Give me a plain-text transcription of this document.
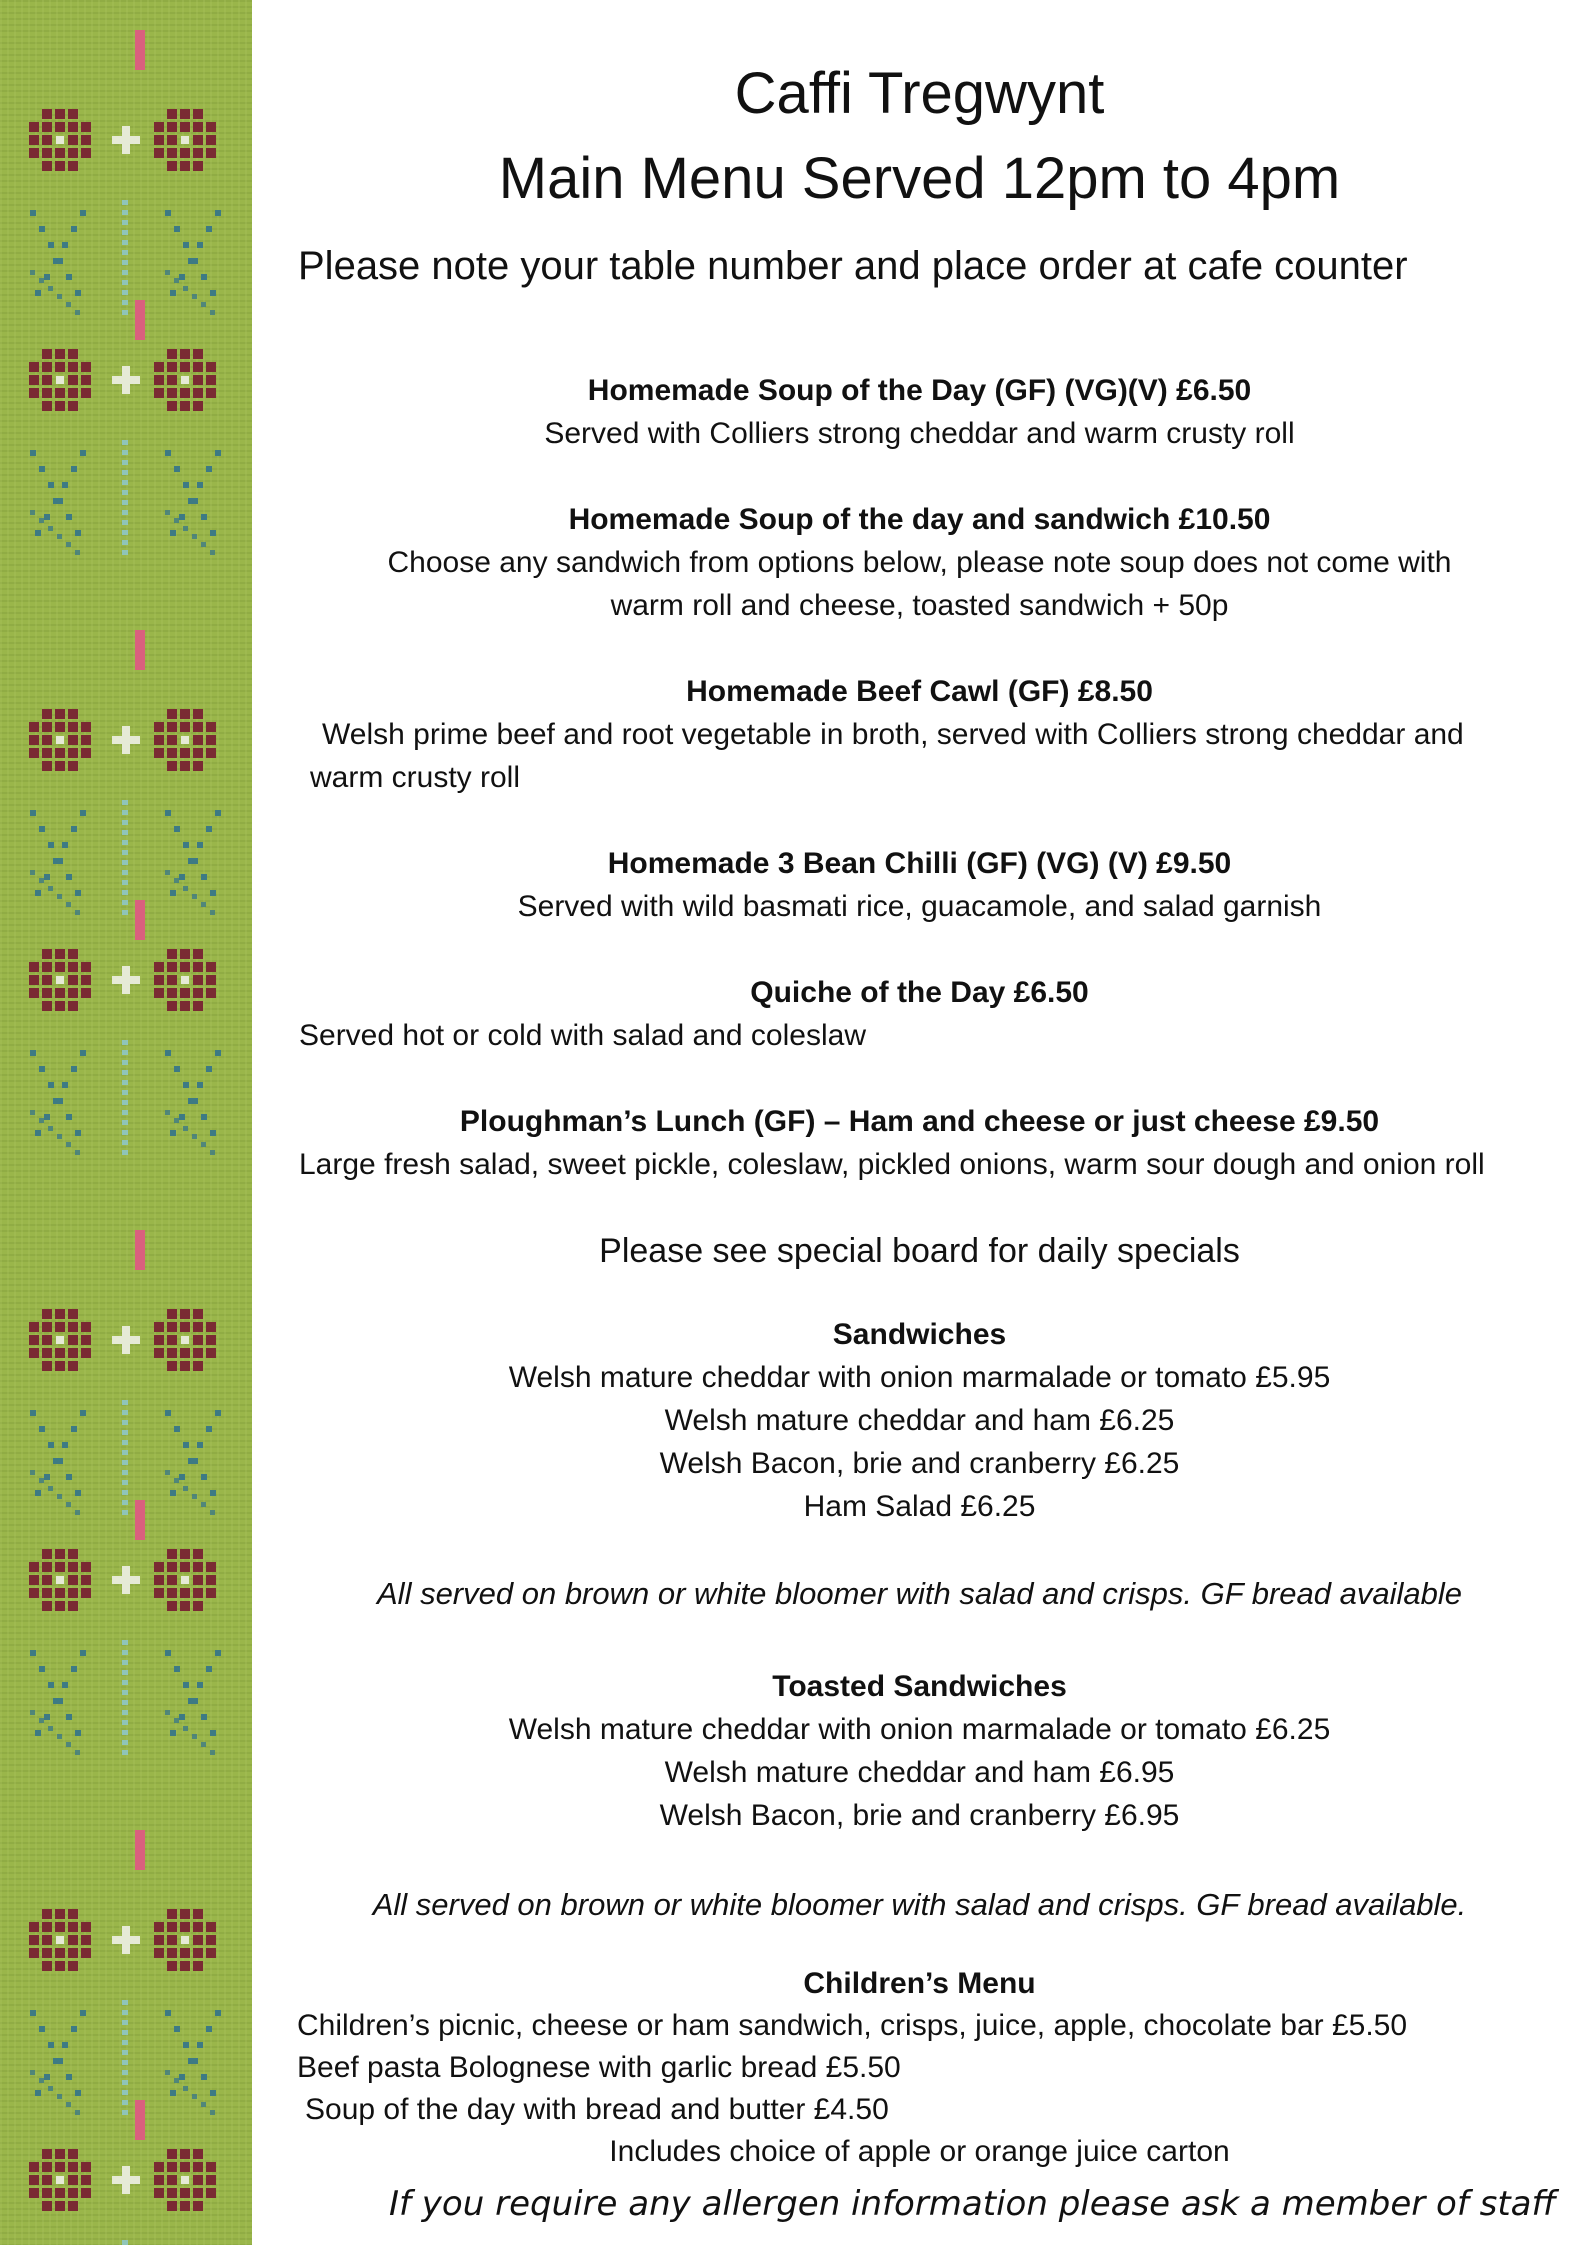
Caffi Tregwynt
Main Menu Served 12pm to 4pm
Please note your table number and place order at cafe counter
Homemade Soup of the Day (GF) (VG)(V) £6.50
Served with Colliers strong cheddar and warm crusty roll
Homemade Soup of the day and sandwich £10.50
Choose any sandwich from options below, please note soup does not come with
warm roll and cheese, toasted sandwich + 50p
Homemade Beef Cawl (GF) £8.50
Welsh prime beef and root vegetable in broth, served with Colliers strong cheddar and
warm crusty roll
Homemade 3 Bean Chilli (GF) (VG) (V) £9.50
Served with wild basmati rice, guacamole, and salad garnish
Quiche of the Day £6.50
Served hot or cold with salad and coleslaw
Ploughman’s Lunch (GF) – Ham and cheese or just cheese £9.50
Large fresh salad, sweet pickle, coleslaw, pickled onions, warm sour dough and onion roll
Please see special board for daily specials
Sandwiches
Welsh mature cheddar with onion marmalade or tomato £5.95
Welsh mature cheddar and ham £6.25
Welsh Bacon, brie and cranberry £6.25
Ham Salad £6.25
All served on brown or white bloomer with salad and crisps. GF bread available
Toasted Sandwiches
Welsh mature cheddar with onion marmalade or tomato £6.25
Welsh mature cheddar and ham £6.95
Welsh Bacon, brie and cranberry £6.95
All served on brown or white bloomer with salad and crisps. GF bread available.
Children’s Menu
Children’s picnic, cheese or ham sandwich, crisps, juice, apple, chocolate bar £5.50
Beef pasta Bolognese with garlic bread £5.50
Soup of the day with bread and butter £4.50
Includes choice of apple or orange juice carton
If you require any allergen information please ask a member of staff
